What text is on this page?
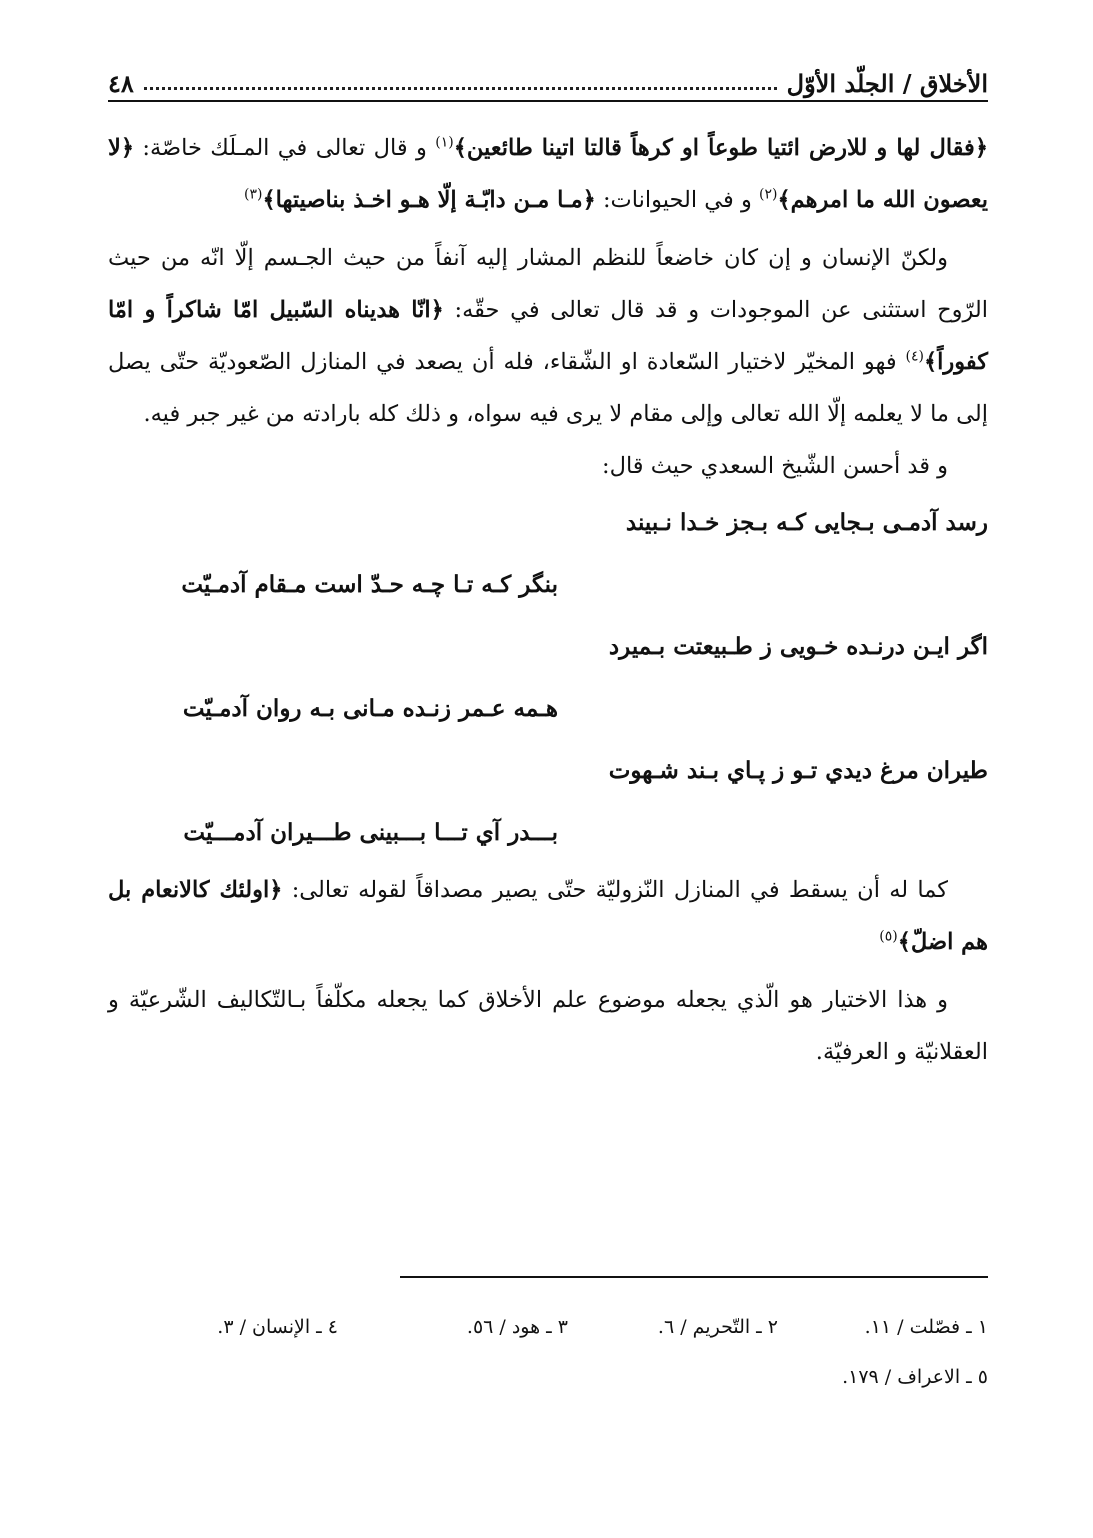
الأخلاق / الجلّد الأوّل
٤٨

﴿فقال لها و للارض ائتيا طوعاً او كرهاً قالتا اتينا طائعين﴾$^{(١)}$ و قال تعالى في المـلَك خاصّة: ﴿لا يعصون الله ما امرهم﴾$^{(٢)}$ و في الحيوانات: ﴿مـا مـن دابّـة إلّا هـو اخـذ بناصيتها﴾$^{(٣)}$

ولكنّ الإنسان و إن كان خاضعاً للنظم المشار إليه آنفاً من حيث الجـسم إلّا انّه من حيث الرّوح استثنى عن الموجودات و قد قال تعالى في حقّه: ﴿انّا هديناه السّبيل امّا شاكراً و امّا كفوراً﴾$^{(٤)}$ فهو المخيّر لاختيار السّعادة او الشّقاء، فله أن يصعد في المنازل الصّعوديّة حتّى يصل إلى ما لا يعلمه إلّا الله تعالى وإلى مقام لا يرى فيه سواه، و ذلك كله بارادته من غير جبر فيه.

و قد أحسن الشّيخ السعدي حيث قال:

رسد آدمـی بـجایی کـه بـجز خـدا نـبیند
بنگر کـه تـا چـه حـدّ است مـقام آدمـیّت
اگر ايـن درنـده خـويی ز طـبيعتت بـميرد
هـمه عـمر زنـده مـانی بـه روان آدمـيّت
طيران مرغ ديدي تـو ز پـاي بـند شـهوت
بـــدر آي تـــا بـــبينى طـــيران آدمـــيّت

كما له أن يسقط في المنازل النّزوليّة حتّى يصير مصداقاً لقوله تعالى: ﴿اولئك كالانعام بل هم اضلّ﴾$^{(٥)}$

و هذا الاختيار هو الّذي يجعله موضوع علم الأخلاق كما يجعله مكلّفاً بـالتّكاليف الشّرعيّة و العقلانيّة و العرفيّة.

١ ـ فصّلت / ١١.
٢ ـ التّحريم / ٦.
٣ ـ هود / ٥٦.
٤ ـ الإنسان / ٣.
٥ ـ الاعراف / ١٧٩.
